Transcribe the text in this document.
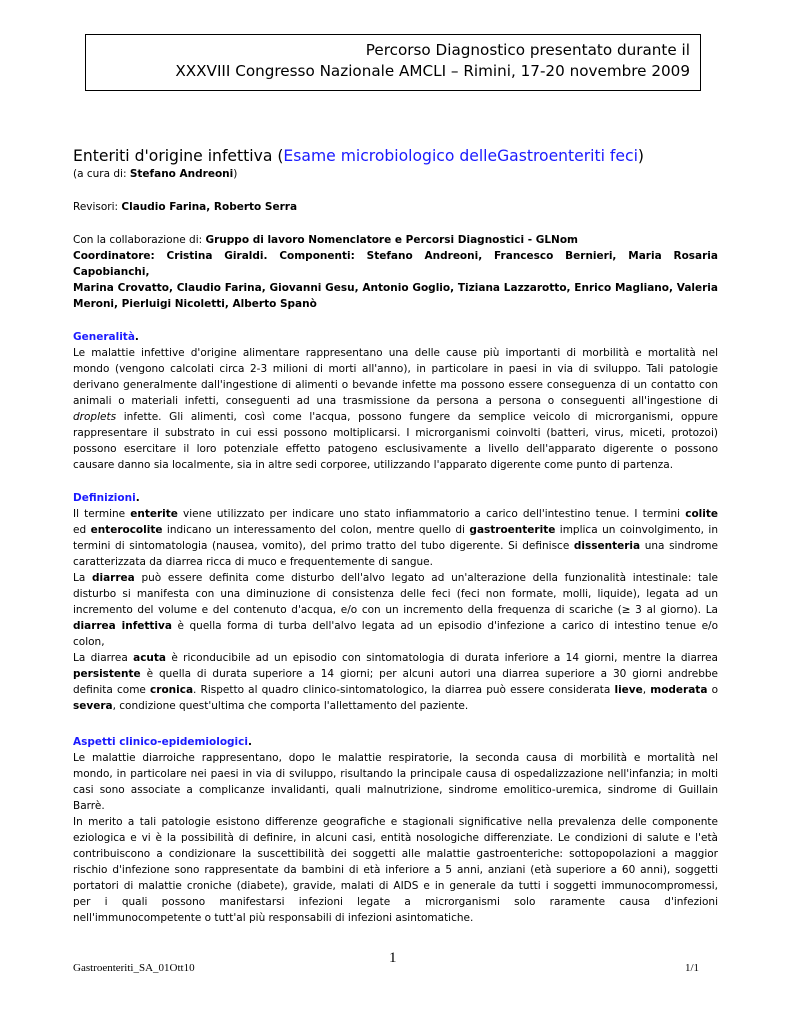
Percorso Diagnostico presentato durante il
XXXVIII Congresso Nazionale AMCLI – Rimini, 17-20 novembre 2009
Enteriti d'origine infettiva (Esame microbiologico delleGastroenteriti feci)
(a cura di: Stefano Andreoni)
Revisori: Claudio Farina, Roberto Serra
Con la collaborazione di: Gruppo di lavoro Nomenclatore e Percorsi Diagnostici - GLNom
Coordinatore: Cristina Giraldi. Componenti: Stefano Andreoni, Francesco Bernieri, Maria Rosaria Capobianchi,
Marina Crovatto, Claudio Farina, Giovanni Gesu, Antonio Goglio, Tiziana Lazzarotto, Enrico Magliano, Valeria
Meroni, Pierluigi Nicoletti, Alberto Spanò
Generalità.
Le malattie infettive d'origine alimentare rappresentano una delle cause più importanti di morbilità e mortalità nel
mondo (vengono calcolati circa 2-3 milioni di morti all'anno), in particolare in paesi in via di sviluppo. Tali patologie
derivano generalmente dall'ingestione di alimenti o bevande infette ma possono essere conseguenza di un contatto con
animali o materiali infetti, conseguenti ad una trasmissione da persona a persona o conseguenti all'ingestione di
droplets infette. Gli alimenti, così come l'acqua, possono fungere da semplice veicolo di microrganismi, oppure
rappresentare il substrato in cui essi possono moltiplicarsi. I microrganismi coinvolti (batteri, virus, miceti, protozoi)
possono esercitare il loro potenziale effetto patogeno esclusivamente a livello dell'apparato digerente o possono
causare danno sia localmente, sia in altre sedi corporee, utilizzando l'apparato digerente come punto di partenza.
Definizioni.
Il termine enterite viene utilizzato per indicare uno stato infiammatorio a carico dell'intestino tenue. I termini colite
ed enterocolite indicano un interessamento del colon, mentre quello di gastroenterite implica un coinvolgimento, in
termini di sintomatologia (nausea, vomito), del primo tratto del tubo digerente. Si definisce dissenteria una sindrome
caratterizzata da diarrea ricca di muco e frequentemente di sangue.
La diarrea può essere definita come disturbo dell'alvo legato ad un'alterazione della funzionalità intestinale: tale
disturbo si manifesta con una diminuzione di consistenza delle feci (feci non formate, molli, liquide), legata ad un
incremento del volume e del contenuto d'acqua, e/o con un incremento della frequenza di scariche (≥ 3 al giorno). La
diarrea infettiva è quella forma di turba dell'alvo legata ad un episodio d'infezione a carico di intestino tenue e/o
colon,
La diarrea acuta è riconducibile ad un episodio con sintomatologia di durata inferiore a 14 giorni, mentre la diarrea
persistente è quella di durata superiore a 14 giorni; per alcuni autori una diarrea superiore a 30 giorni andrebbe
definita come cronica. Rispetto al quadro clinico-sintomatologico, la diarrea può essere considerata lieve, moderata o
severa, condizione quest'ultima che comporta l'allettamento del paziente.
Aspetti clinico-epidemiologici.
Le malattie diarroiche rappresentano, dopo le malattie respiratorie, la seconda causa di morbilità e mortalità nel
mondo, in particolare nei paesi in via di sviluppo, risultando la principale causa di ospedalizzazione nell'infanzia; in molti
casi sono associate a complicanze invalidanti, quali malnutrizione, sindrome emolitico-uremica, sindrome di Guillain
Barrè.
In merito a tali patologie esistono differenze geografiche e stagionali significative nella prevalenza delle componente
eziologica e vi è la possibilità di definire, in alcuni casi, entità nosologiche differenziate. Le condizioni di salute e l'età
contribuiscono a condizionare la suscettibilità dei soggetti alle malattie gastroenteriche: sottopopolazioni a maggior
rischio d'infezione sono rappresentate da bambini di età inferiore a 5 anni, anziani (età superiore a 60 anni), soggetti
portatori di malattie croniche (diabete), gravide, malati di AIDS e in generale da tutti i soggetti immunocompromessi,
per i quali possono manifestarsi infezioni legate a microrganismi solo raramente causa d'infezioni
nell'immunocompetente o tutt'al più responsabili di infezioni asintomatiche.
1
Gastroenteriti_SA_01Ott10	1/1
